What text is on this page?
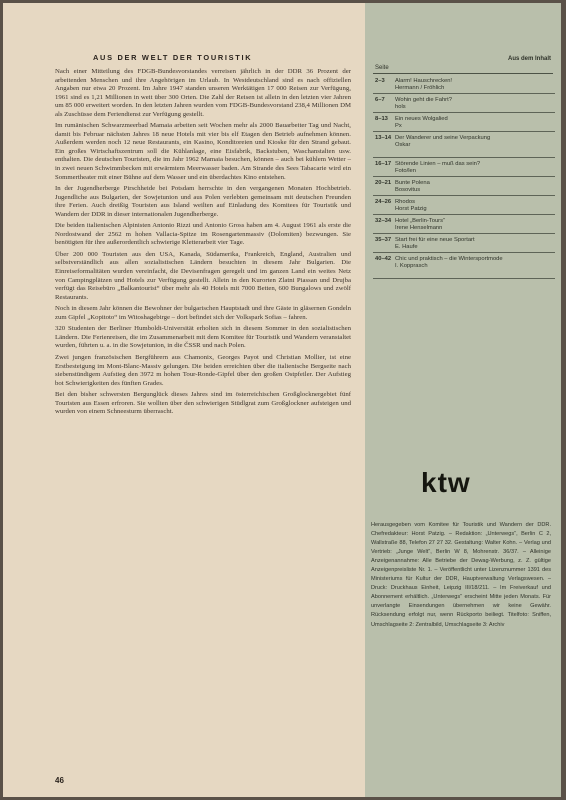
AUS DER WELT DER TOURISTIK

Nach einer Mitteilung des FDGB-Bundesvorstandes verreisen jährlich in der DDR 36 Prozent der arbeitenden Menschen und ihre Angehörigen im Urlaub. In Westdeutschland sind es nach offiziellen Angaben nur etwa 20 Prozent. Im Jahre 1947 standen unseren Werktätigen 17 000 Reisen zur Verfügung, 1961 sind es 1,21 Millionen in weit über 300 Orten. Die Zahl der Reisen ist allein in den letzten vier Jahren um 85 000 erweitert worden. In den letzten Jahren wurden vom FDGB-Bundesvorstand 238,4 Millionen DM als Zuschüsse dem Feriendienst zur Verfügung gestellt.

Im rumänischen Schwarzmeerbad Mamaia arbeiten seit Wochen mehr als 2000 Bauarbeiter Tag und Nacht, damit bis Februar nächsten Jahres 18 neue Hotels mit vier bis elf Etagen den Betrieb aufnehmen können. Außerdem werden noch 12 neue Restaurants, ein Kasino, Konditoreien und Kioske für den Strand gebaut. Ein großes Wirtschaftszentrum soll die Kühlanlage, eine Eisfabrik, Backstuben, Waschanstalten usw. enthalten. Die deutschen Touristen, die im Jahr 1962 Mamaia besuchen, können – auch bei kühlem Wetter – in zwei neuen Schwimmbecken mit erwärmtem Meerwasser baden. Am Strande des Sees Tabacarie wird ein Sommertheater mit einer Bühne auf dem Wasser und ein überdachtes Kino entstehen.

In der Jugendherberge Pirschheide bei Potsdam herrschte in den vergangenen Monaten Hochbetrieb. Jugendliche aus Bulgarien, der Sowjetunion und aus Polen verlebten gemeinsam mit deutschen Freunden ihre Ferien. Auch dreißig Touristen aus Island weilten auf Einladung des Komitees für Touristik und Wandern der DDR in dieser internationalen Jugendherberge.

Die beiden italienischen Alpinisten Antonio Rizzi und Antonio Gross haben am 4. August 1961 als erste die Nordostwand der 2562 m hohen Vallacia-Spitze im Rosengartenmassiv (Dolomiten) bezwungen. Sie benötigten für ihre außerordentlich schwierige Kletterarbeit vier Tage.

Über 200 000 Touristen aus den USA, Kanada, Südamerika, Frankreich, England, Australien und selbstverständlich aus allen sozialistischen Ländern besuchten in diesem Jahr Bulgarien. Die Einreiseformalitäten wurden vereinfacht, die Devisenfragen geregelt und im ganzen Land ein weites Netz von Campingplätzen und Hotels zur Verfügung gestellt. Allein in den Kurorten Zlatni Piassan und Drujba verfügt das Reisebüro „Balkantourist“ über mehr als 40 Hotels mit 7000 Betten, 600 Bungalows und zwölf Restaurants.

Noch in diesem Jahr können die Bewohner der bulgarischen Hauptstadt und ihre Gäste in gläsernen Gondeln zum Gipfel „Kopitoto“ im Witoshagebirge – dort befindet sich der Volkspark Sofias – fahren.

320 Studenten der Berliner Humboldt-Universität erholten sich in diesem Sommer in den sozialistischen Ländern. Die Ferienreisen, die im Zusammenarbeit mit dem Komitee für Touristik und Wandern veranstaltet wurden, führten u. a. in die Sowjetunion, in die ČSSR und nach Polen.

Zwei jungen französischen Bergführern aus Chamonix, Georges Payot und Christian Mollier, ist eine Erstbesteigung im Mont-Blanc-Massiv gelungen. Die beiden erreichten über die italienische Bergseite nach siebenstündigem Aufstieg den 3972 m hohen Tour-Ronde-Gipfel über den großen Ostpfeiler. Der Aufstieg bot Schwierigkeiten des fünften Grades.

Bei den bisher schwersten Bergunglück dieses Jahres sind im österreichischen Großglocknergebiet fünf Touristen aus Essen erfroren. Sie wollten über den schwierigen Stüdlgrat zum Großglockner aufsteigen und wurden von einem Schneesturm überrascht.

46
Seite
Aus dem Inhalt
2–3	Alarm! Hauschrecken!
Hermann / Fröhlich
6–7	Wohin geht die Fahrt?
hols
8–13	Ein neues Wolgalied
Px
13–14 Der Wanderer und seine Verpackung
Oskar
16–17 Störende Linien – muß das sein?
Foto/len
20–21 Bunte Polena
Bosovitus
24–26 Rhodos
Horst Patzig
32–34 Hotel „Berlin-Tours“
Irene Henselmann
35–37 Start frei für eine neue Sportart
E. Haufe
40–42 Chic und praktisch – die Wintersportmode
I. Kopprasch
ktw
Herausgegeben vom Komitee für Touristik und Wandern der DDR. Chefredakteur: Horst Patzig. – Redaktion: „Unterwegs“, Berlin C 2, Wallstraße 88, Telefon 27 27 32. Gestaltung: Walter Kohn. – Verlag und Vertrieb: „Junge Welt“, Berlin W 8, Mohrenstr. 36/37. – Alleinige Anzeigenannahme: Alle Betriebe der Dewag-Werbung, z. Z. gültige Anzeigenpreisliste Nr. 1. – Veröffentlicht unter Lizenznummer 1391 des Ministeriums für Kultur der DDR, Hauptverwaltung Verlagswesen. – Druck: Druckhaus Einheit, Leipzig III/18/211. – Im Freiverkauf und Abonnement erhältlich. „Unterwegs“ erscheint Mitte jeden Monats. Für unverlangte Einsendungen übernehmen wir keine Gewähr. Rücksendung erfolgt nur, wenn Rückporto beiliegt. Titelfoto: Sniffen, Umschlagseite 2: Zentralbild, Umschlagseite 3: Archiv
